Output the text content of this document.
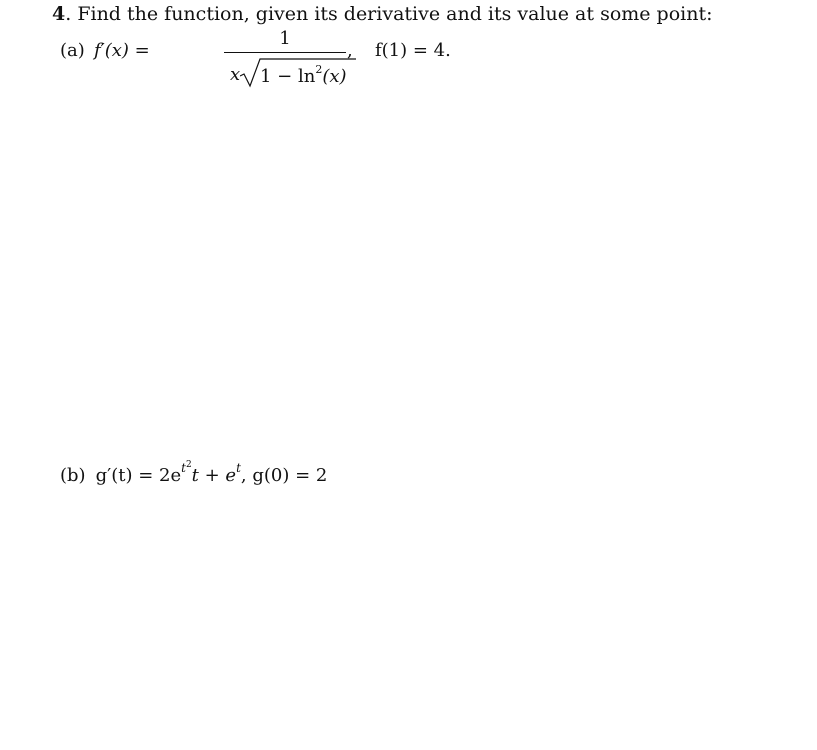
4. Find the function, given its derivative and its value at some point:
(a) f′(x) =
1
x $1 - \ln^2(x)$
, f(1) = 4.
(b) $g'(t) = 2e^{t2}t + e^t$, g(0) = 2
